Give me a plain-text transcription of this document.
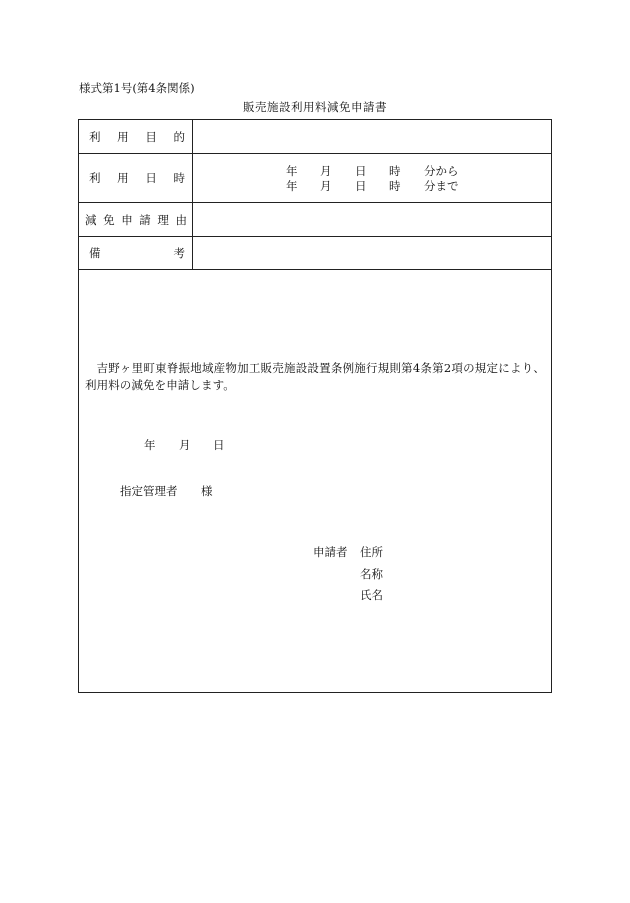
様式第1号(第4条関係)
販売施設利用料減免申請書
利 用 目 的
利 用 日 時
減 免 申 請 理 由
備	考
吉野ヶ里町東脊振地域産物加工販売施設設置条例施行規則第4条第2項の規定により、利用料の減免を申請します。
年 月 日 時 分から
年 月 日 時 分まで
年 月 日
指定管理者 様
申請者 住所
名称
氏名
